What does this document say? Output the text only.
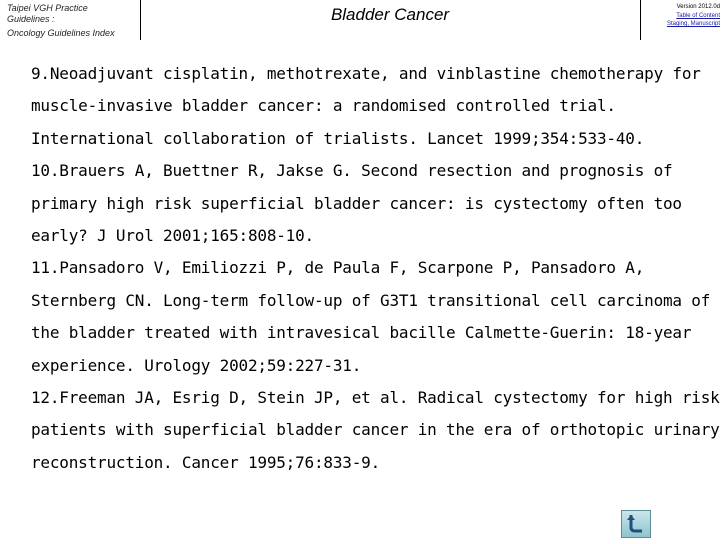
Taipei VGH Practice
Guidelines :
Oncology Guidelines Index
Bladder Cancer	Version 2012.0d
Table of Content
Staging, Manuscript
9.Neoadjuvant cisplatin, methotrexate, and vinblastine chemotherapy for
muscle-invasive bladder cancer: a randomised controlled trial.
International collaboration of trialists. Lancet 1999;354:533-40.
10.Brauers A, Buettner R, Jakse G. Second resection and prognosis of
primary high risk superficial bladder cancer: is cystectomy often too
early? J Urol 2001;165:808-10.
11.Pansadoro V, Emiliozzi P, de Paula F, Scarpone P, Pansadoro A,
Sternberg CN. Long-term follow-up of G3T1 transitional cell carcinoma of
the bladder treated with intravesical bacille Calmette-Guerin: 18-year
experience. Urology 2002;59:227-31.
12.Freeman JA, Esrig D, Stein JP, et al. Radical cystectomy for high risk
patients with superficial bladder cancer in the era of orthotopic urinary
reconstruction. Cancer 1995;76:833-9.
